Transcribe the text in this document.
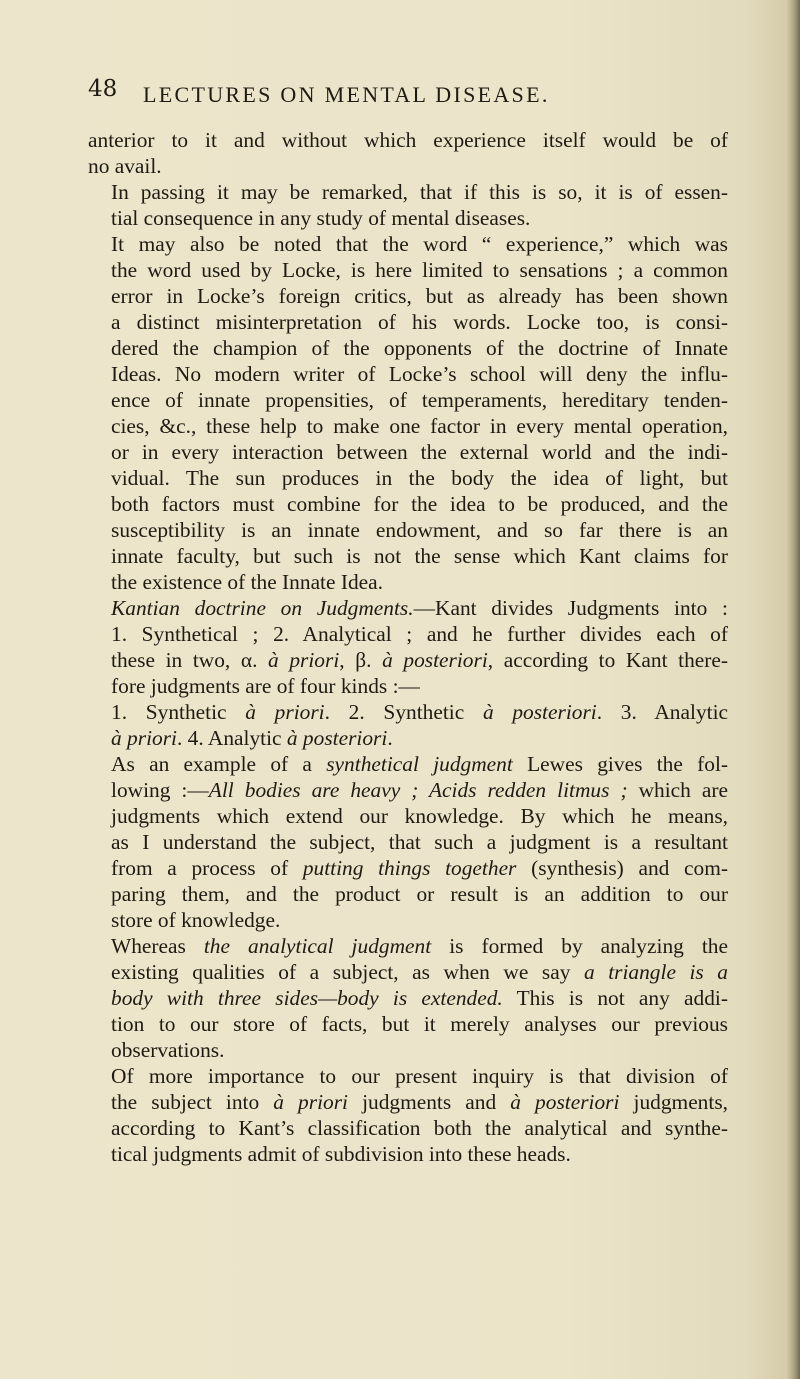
48 LECTURES ON MENTAL DISEASE.
anterior to it and without which experience itself would be of
no avail.
In passing it may be remarked, that if this is so, it is of essen-
tial consequence in any study of mental diseases.
It may also be noted that the word “ experience,” which was
the word used by Locke, is here limited to sensations ; a common
error in Locke’s foreign critics, but as already has been shown
a distinct misinterpretation of his words. Locke too, is consi-
dered the champion of the opponents of the doctrine of Innate
Ideas. No modern writer of Locke’s school will deny the influ-
ence of innate propensities, of temperaments, hereditary tenden-
cies, &c., these help to make one factor in every mental operation,
or in every interaction between the external world and the indi-
vidual. The sun produces in the body the idea of light, but
both factors must combine for the idea to be produced, and the
susceptibility is an innate endowment, and so far there is an
innate faculty, but such is not the sense which Kant claims for
the existence of the Innate Idea.
Kantian doctrine on Judgments.—Kant divides Judgments into :
1. Synthetical ; 2. Analytical ; and he further divides each of
these in two, α. à priori, β. à posteriori, according to Kant there-
fore judgments are of four kinds :—
1. Synthetic à priori. 2. Synthetic à posteriori. 3. Analytic
à priori. 4. Analytic à posteriori.
As an example of a synthetical judgment Lewes gives the fol-
lowing :—All bodies are heavy ; Acids redden litmus ; which are
judgments which extend our knowledge. By which he means,
as I understand the subject, that such a judgment is a resultant
from a process of putting things together (synthesis) and com-
paring them, and the product or result is an addition to our
store of knowledge.
Whereas the analytical judgment is formed by analyzing the
existing qualities of a subject, as when we say a triangle is a
body with three sides—body is extended. This is not any addi-
tion to our store of facts, but it merely analyses our previous
observations.
Of more importance to our present inquiry is that division of
the subject into à priori judgments and à posteriori judgments,
according to Kant’s classification both the analytical and synthe-
tical judgments admit of subdivision into these heads.
